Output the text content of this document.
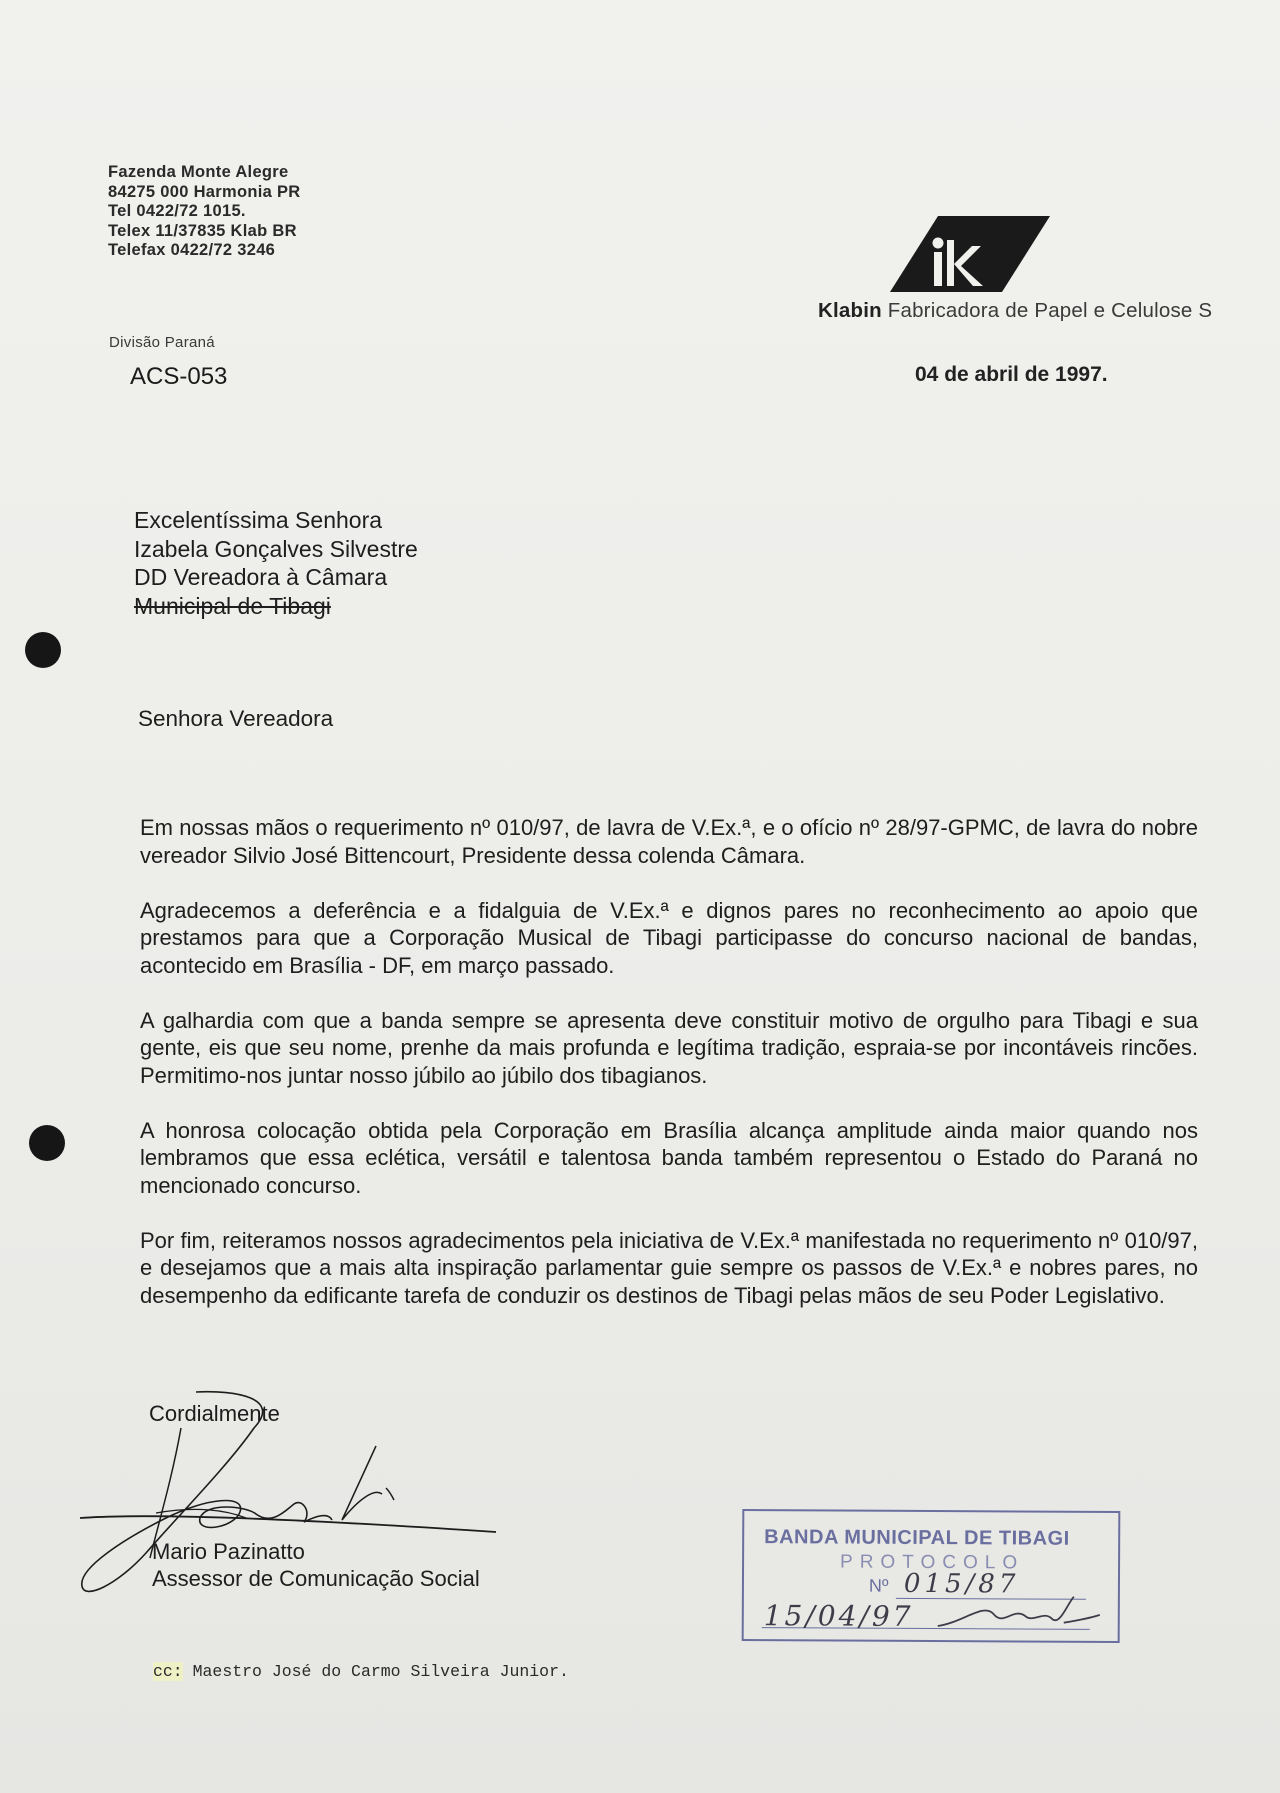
Fazenda Monte Alegre
84275 000 Harmonia PR
Tel 0422/72 1015.
Telex 11/37835 Klab BR
Telefax 0422/72 3246
Divisão Paraná
ACS-053
Klabin Fabricadora de Papel e Celulose S
04 de abril de 1997.
Excelentíssima Senhora
Izabela Gonçalves Silvestre
DD Vereadora à Câmara
Municipal de Tibagi
Senhora Vereadora

Em nossas mãos o requerimento nº 010/97, de lavra de V.Ex.ª, e o ofício nº 28/97-GPMC, de lavra do nobre vereador Silvio José Bittencourt, Presidente dessa colenda Câmara.

Agradecemos a deferência e a fidalguia de V.Ex.ª e dignos pares no reconhecimento ao apoio que prestamos para que a Corporação Musical de Tibagi participasse do concurso nacional de bandas, acontecido em Brasília - DF, em março passado.

A galhardia com que a banda sempre se apresenta deve constituir motivo de orgulho para Tibagi e sua gente, eis que seu nome, prenhe da mais profunda e legítima tradição, espraia-se por incontáveis rincões. Permitimo-nos juntar nosso júbilo ao júbilo dos tibagianos.

A honrosa colocação obtida pela Corporação em Brasília alcança amplitude ainda maior quando nos lembramos que essa eclética, versátil e talentosa banda também representou o Estado do Paraná no mencionado concurso.

Por fim, reiteramos nossos agradecimentos pela iniciativa de V.Ex.ª manifestada no requerimento nº 010/97, e desejamos que a mais alta inspiração parlamentar guie sempre os passos de V.Ex.ª e nobres pares, no desempenho da edificante tarefa de conduzir os destinos de Tibagi pelas mãos de seu Poder Legislativo.

Cordialmente
Mario Pazinatto
Assessor de Comunicação Social
cc: Maestro José do Carmo Silveira Junior.
BANDA MUNICIPAL DE TIBAGI
PROTOCOLO
Nº 015/87
15/04/97
